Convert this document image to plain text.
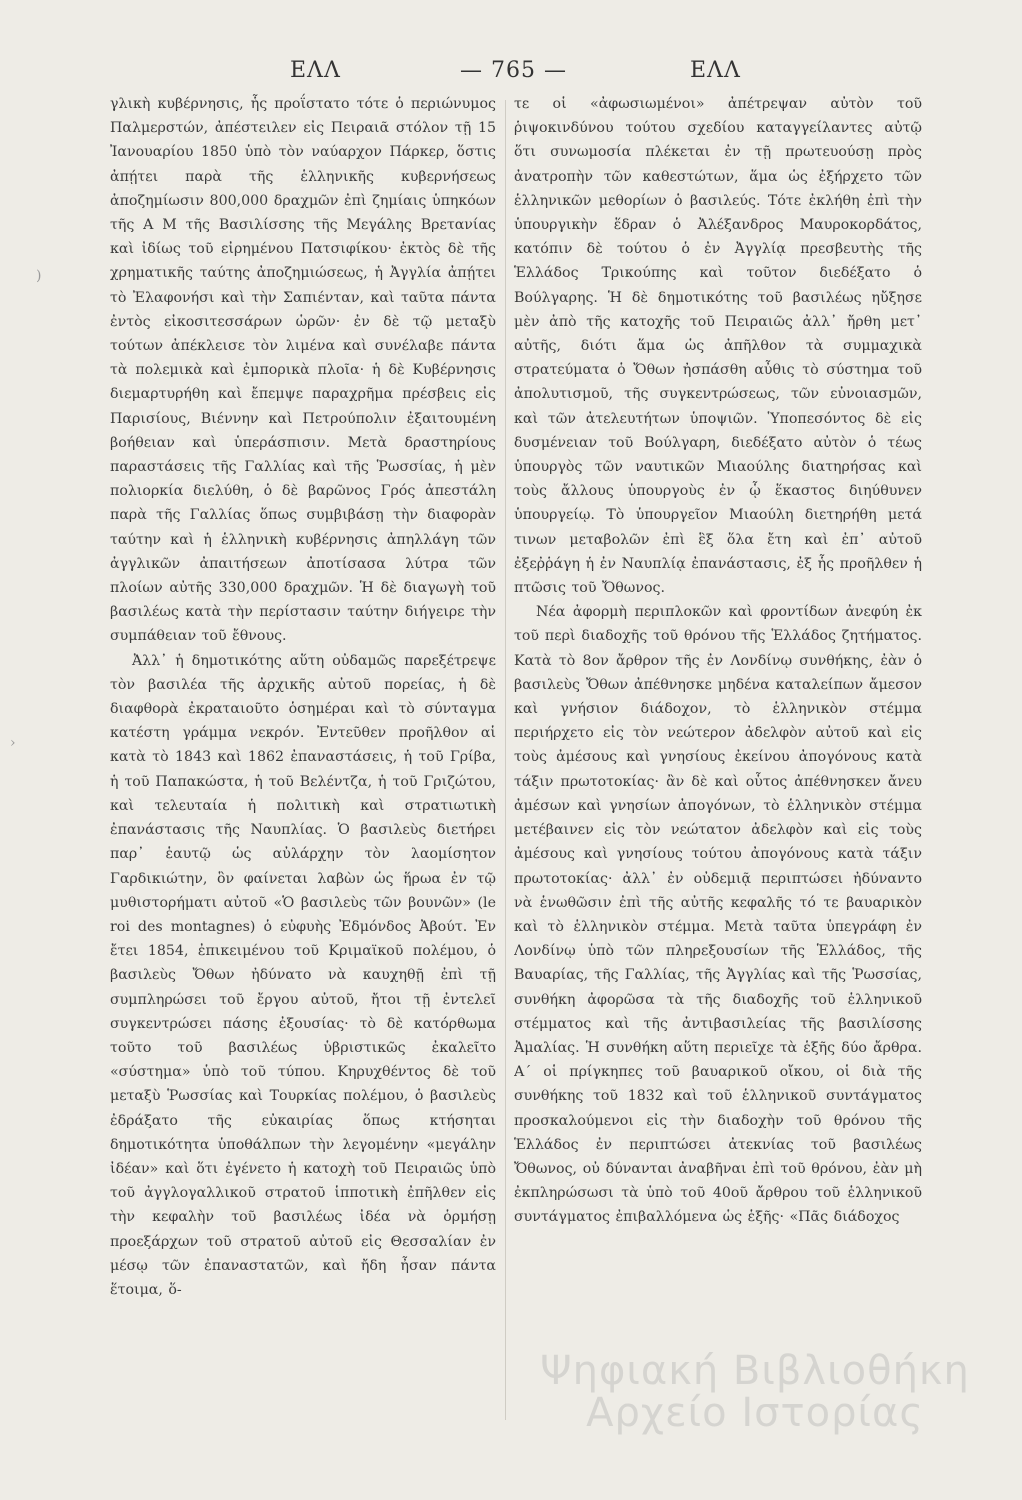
ΕΛΛ	— 765 —	ΕΛΛ
)
›

γλικὴ κυβέρνησις, ἧς προΐστατο τότε ὁ περιώνυμος Παλμερστών, ἀπέστειλεν εἰς Πειραιᾶ στόλον τῇ 15 Ἰανουαρίου 1850 ὑπὸ τὸν ναύαρχον Πάρκερ, ὅστις ἀπῄτει παρὰ τῆς ἑλληνικῆς κυβερνήσεως ἀποζημίωσιν 800,000 δραχμῶν ἐπὶ ζημίαις ὑπηκόων τῆς Α Μ τῆς Βασιλίσσης τῆς Μεγάλης Βρετανίας καὶ ἰδίως τοῦ εἰρημένου Πατσιφίκου· ἐκτὸς δὲ τῆς χρηματικῆς ταύτης ἀποζημιώσεως, ἡ Ἀγγλία ἀπῄτει τὸ Ἐλαφονήσι καὶ τὴν Σαπιένταν, καὶ ταῦτα πάντα ἐντὸς εἰκοσιτεσσάρων ὡρῶν· ἐν δὲ τῷ μεταξὺ τούτων ἀπέκλεισε τὸν λιμένα καὶ συνέλαβε πάντα τὰ πολεμικὰ καὶ ἐμπορικὰ πλοῖα· ἡ δὲ Κυβέρνησις διεμαρτυρήθη καὶ ἔπεμψε παραχρῆμα πρέσβεις εἰς Παρισίους, Βιέννην καὶ Πετρούπολιν ἐξαιτουμένη βοήθειαν καὶ ὑπεράσπισιν. Μετὰ δραστηρίους παραστάσεις τῆς Γαλλίας καὶ τῆς Ῥωσσίας, ἡ μὲν πολιορκία διελύθη, ὁ δὲ βαρῶνος Γρός ἀπεστάλη παρὰ τῆς Γαλλίας ὅπως συμβιβάσῃ τὴν διαφορὰν ταύτην καὶ ἡ ἑλληνικὴ κυβέρνησις ἀπηλλάγη τῶν ἀγγλικῶν ἀπαιτήσεων ἀποτίσασα λύτρα τῶν πλοίων αὐτῆς 330,000 δραχμῶν. Ἡ δὲ διαγωγὴ τοῦ βασιλέως κατὰ τὴν περίστασιν ταύτην διήγειρε τὴν συμπάθειαν τοῦ ἔθνους.

Ἀλλ᾿ ἡ δημοτικότης αὕτη οὐδαμῶς παρεξέτρεψε τὸν βασιλέα τῆς ἀρχικῆς αὐτοῦ πορείας, ἡ δὲ διαφθορὰ ἐκραταιοῦτο ὁσημέραι καὶ τὸ σύνταγμα κατέστη γράμμα νεκρόν. Ἐντεῦθεν προῆλθον αἱ κατὰ τὸ 1843 καὶ 1862 ἐπαναστάσεις, ἡ τοῦ Γρίβα, ἡ τοῦ Παπακώστα, ἡ τοῦ Βελέντζα, ἡ τοῦ Γριζώτου, καὶ τελευταία ἡ πολιτικὴ καὶ στρατιωτικὴ ἐπανάστασις τῆς Ναυπλίας. Ὁ βασιλεὺς διετήρει παρ᾿ ἑαυτῷ ὡς αὐλάρχην τὸν λαομίσητον Γαρδικιώτην, ὃν φαίνεται λαβὼν ὡς ἥρωα ἐν τῷ μυθιστορήματι αὐτοῦ «Ὁ βασιλεὺς τῶν βουνῶν» (le roi des montagnes) ὁ εὐφυὴς Ἐδμόνδος Ἀβούτ. Ἐν ἔτει 1854, ἐπικειμένου τοῦ Κριμαϊκοῦ πολέμου, ὁ βασιλεὺς Ὄθων ἠδύνατο νὰ καυχηθῇ ἐπὶ τῇ συμπληρώσει τοῦ ἔργου αὐτοῦ, ἤτοι τῇ ἐντελεῖ συγκεντρώσει πάσης ἐξουσίας· τὸ δὲ κατόρθωμα τοῦτο τοῦ βασιλέως ὑβριστικῶς ἐκαλεῖτο «σύστημα» ὑπὸ τοῦ τύπου. Κηρυχθέντος δὲ τοῦ μεταξὺ Ῥωσσίας καὶ Τουρκίας πολέμου, ὁ βασιλεὺς ἐδράξατο τῆς εὐκαιρίας ὅπως κτήσηται δημοτικότητα ὑποθάλπων τὴν λεγομένην «μεγάλην ἰδέαν» καὶ ὅτι ἐγένετο ἡ κατοχὴ τοῦ Πειραιῶς ὑπὸ τοῦ ἀγγλογαλλικοῦ στρατοῦ ἱπποτικὴ ἐπῆλθεν εἰς τὴν κεφαλὴν τοῦ βασιλέως ἰδέα νὰ ὁρμήσῃ προεξάρχων τοῦ στρατοῦ αὐτοῦ εἰς Θεσσαλίαν ἐν μέσῳ τῶν ἐπαναστατῶν, καὶ ἤδη ἦσαν πάντα ἕτοιμα, ὅ-

τε οἱ «ἀφωσιωμένοι» ἀπέτρεψαν αὐτὸν τοῦ ῥιψοκινδύνου τούτου σχεδίου καταγγείλαντες αὐτῷ ὅτι συνωμοσία πλέκεται ἐν τῇ πρωτευούσῃ πρὸς ἀνατροπὴν τῶν καθεστώτων, ἅμα ὡς ἐξήρχετο τῶν ἑλληνικῶν μεθορίων ὁ βασιλεύς. Τότε ἐκλήθη ἐπὶ τὴν ὑπουργικὴν ἕδραν ὁ Ἀλέξανδρος Μαυροκορδάτος, κατόπιν δὲ τούτου ὁ ἐν Ἀγγλίᾳ πρεσβευτὴς τῆς Ἑλλάδος Τρικούπης καὶ τοῦτον διεδέξατο ὁ Βούλγαρης. Ἡ δὲ δημοτικότης τοῦ βασιλέως ηὔξησε μὲν ἀπὸ τῆς κατοχῆς τοῦ Πειραιῶς ἀλλ᾿ ἤρθη μετ᾿ αὐτῆς, διότι ἅμα ὡς ἀπῆλθον τὰ συμμαχικὰ στρατεύματα ὁ Ὄθων ἠσπάσθη αὖθις τὸ σύστημα τοῦ ἀπολυτισμοῦ, τῆς συγκεντρώσεως, τῶν εὐνοιασμῶν, καὶ τῶν ἀτελευτήτων ὑποψιῶν. Ὑποπεσόντος δὲ εἰς δυσμένειαν τοῦ Βούλγαρη, διεδέξατο αὐτὸν ὁ τέως ὑπουργὸς τῶν ναυτικῶν Μιαούλης διατηρήσας καὶ τοὺς ἄλλους ὑπουργοὺς ἐν ᾧ ἕκαστος διηύθυνεν ὑπουργείῳ. Τὸ ὑπουργεῖον Μιαούλη διετηρήθη μετά τινων μεταβολῶν ἐπὶ ἓξ ὅλα ἔτη καὶ ἐπ᾿ αὐτοῦ ἐξεῤῥάγη ἡ ἐν Ναυπλίᾳ ἐπανάστασις, ἐξ ἧς προῆλθεν ἡ πτῶσις τοῦ Ὄθωνος.

Νέα ἀφορμὴ περιπλοκῶν καὶ φροντίδων ἀνεφύη ἐκ τοῦ περὶ διαδοχῆς τοῦ θρόνου τῆς Ἑλλάδος ζητήματος. Κατὰ τὸ 8ον ἄρθρον τῆς ἐν Λονδίνῳ συνθήκης, ἐὰν ὁ βασιλεὺς Ὄθων ἀπέθνησκε μηδένα καταλείπων ἄμεσον καὶ γνήσιον διάδοχον, τὸ ἑλληνικὸν στέμμα περιήρχετο εἰς τὸν νεώτερον ἀδελφὸν αὐτοῦ καὶ εἰς τοὺς ἀμέσους καὶ γνησίους ἐκείνου ἀπογόνους κατὰ τάξιν πρωτοτοκίας· ἂν δὲ καὶ οὗτος ἀπέθνησκεν ἄνευ ἀμέσων καὶ γνησίων ἀπογόνων, τὸ ἑλληνικὸν στέμμα μετέβαινεν εἰς τὸν νεώτατον ἀδελφὸν καὶ εἰς τοὺς ἀμέσους καὶ γνησίους τούτου ἀπογόνους κατὰ τάξιν πρωτοτοκίας· ἀλλ᾿ ἐν οὐδεμιᾷ περιπτώσει ἠδύναντο νὰ ἑνωθῶσιν ἐπὶ τῆς αὐτῆς κεφαλῆς τό τε βαυαρικὸν καὶ τὸ ἑλληνικὸν στέμμα. Μετὰ ταῦτα ὑπεγράφη ἐν Λονδίνῳ ὑπὸ τῶν πληρεξουσίων τῆς Ἑλλάδος, τῆς Βαυαρίας, τῆς Γαλλίας, τῆς Ἀγγλίας καὶ τῆς Ῥωσσίας, συνθήκη ἀφορῶσα τὰ τῆς διαδοχῆς τοῦ ἑλληνικοῦ στέμματος καὶ τῆς ἀντιβασιλείας τῆς βασιλίσσης Ἀμαλίας. Ἡ συνθήκη αὕτη περιεῖχε τὰ ἑξῆς δύο ἄρθρα. Α΄ οἱ πρίγκηπες τοῦ βαυαρικοῦ οἴκου, οἱ διὰ τῆς συνθήκης τοῦ 1832 καὶ τοῦ ἑλληνικοῦ συντάγματος προσκαλούμενοι εἰς τὴν διαδοχὴν τοῦ θρόνου τῆς Ἑλλάδος ἐν περιπτώσει ἀτεκνίας τοῦ βασιλέως Ὄθωνος, οὐ δύνανται ἀναβῆναι ἐπὶ τοῦ θρόνου, ἐὰν μὴ ἐκπληρώσωσι τὰ ὑπὸ τοῦ 40οῦ ἄρθρου τοῦ ἑλληνικοῦ συντάγματος ἐπιβαλλόμενα ὡς ἑξῆς· «Πᾶς διάδοχος

Ψηφιακή Βιβλιοθήκη Αρχείο Ιστορίας
